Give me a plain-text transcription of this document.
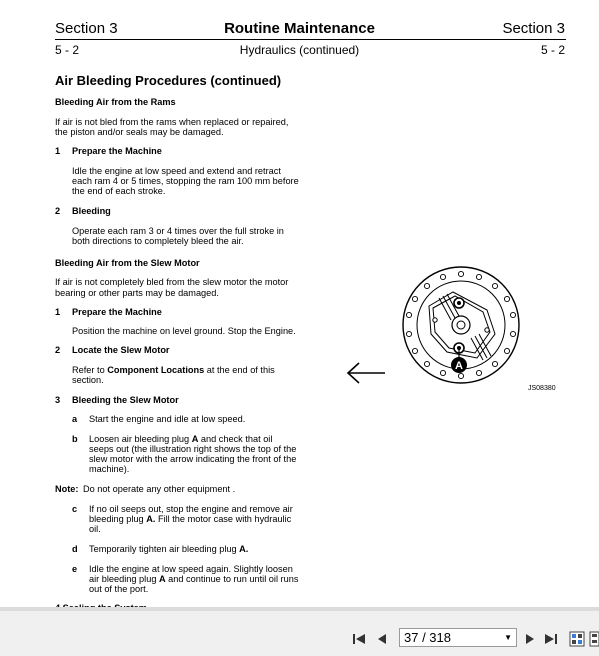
Section 3	Routine Maintenance	Section 3
5 - 2	Hydraulics (continued)	5 - 2
Air Bleeding Procedures (continued)
Bleeding Air from the Rams
If air is not bled from the rams when replaced or repaired,
the piston and/or seals may be damaged.
1 Prepare the Machine
Idle the engine at low speed and extend and retract
each ram 4 or 5 times, stopping the ram 100 mm before
the end of each stroke.
2 Bleeding
Operate each ram 3 or 4 times over the full stroke in
both directions to completely bleed the air.
Bleeding Air from the Slew Motor
If air is not completely bled from the slew motor the motor
bearing or other parts may be damaged.
1 Prepare the Machine
Position the machine on level ground. Stop the Engine.
2 Locate the Slew Motor
Refer to Component Locations at the end of this
section.
3 Bleeding the Slew Motor
a Start the engine and idle at low speed.
b Loosen air bleeding plug A and check that oil
seeps out (the illustration right shows the top of the
slew motor with the arrow indicating the front of the
machine).
Note: Do not operate any other equipment .
c If no oil seeps out, stop the engine and remove air
bleeding plug A. Fill the motor case with hydraulic
oil.
d Temporarily tighten air bleeding plug A.
e Idle the engine at low speed again. Slightly loosen
air bleeding plug A and continue to run until oil runs
out of the port.
A
JS08380
37 / 318	▼
